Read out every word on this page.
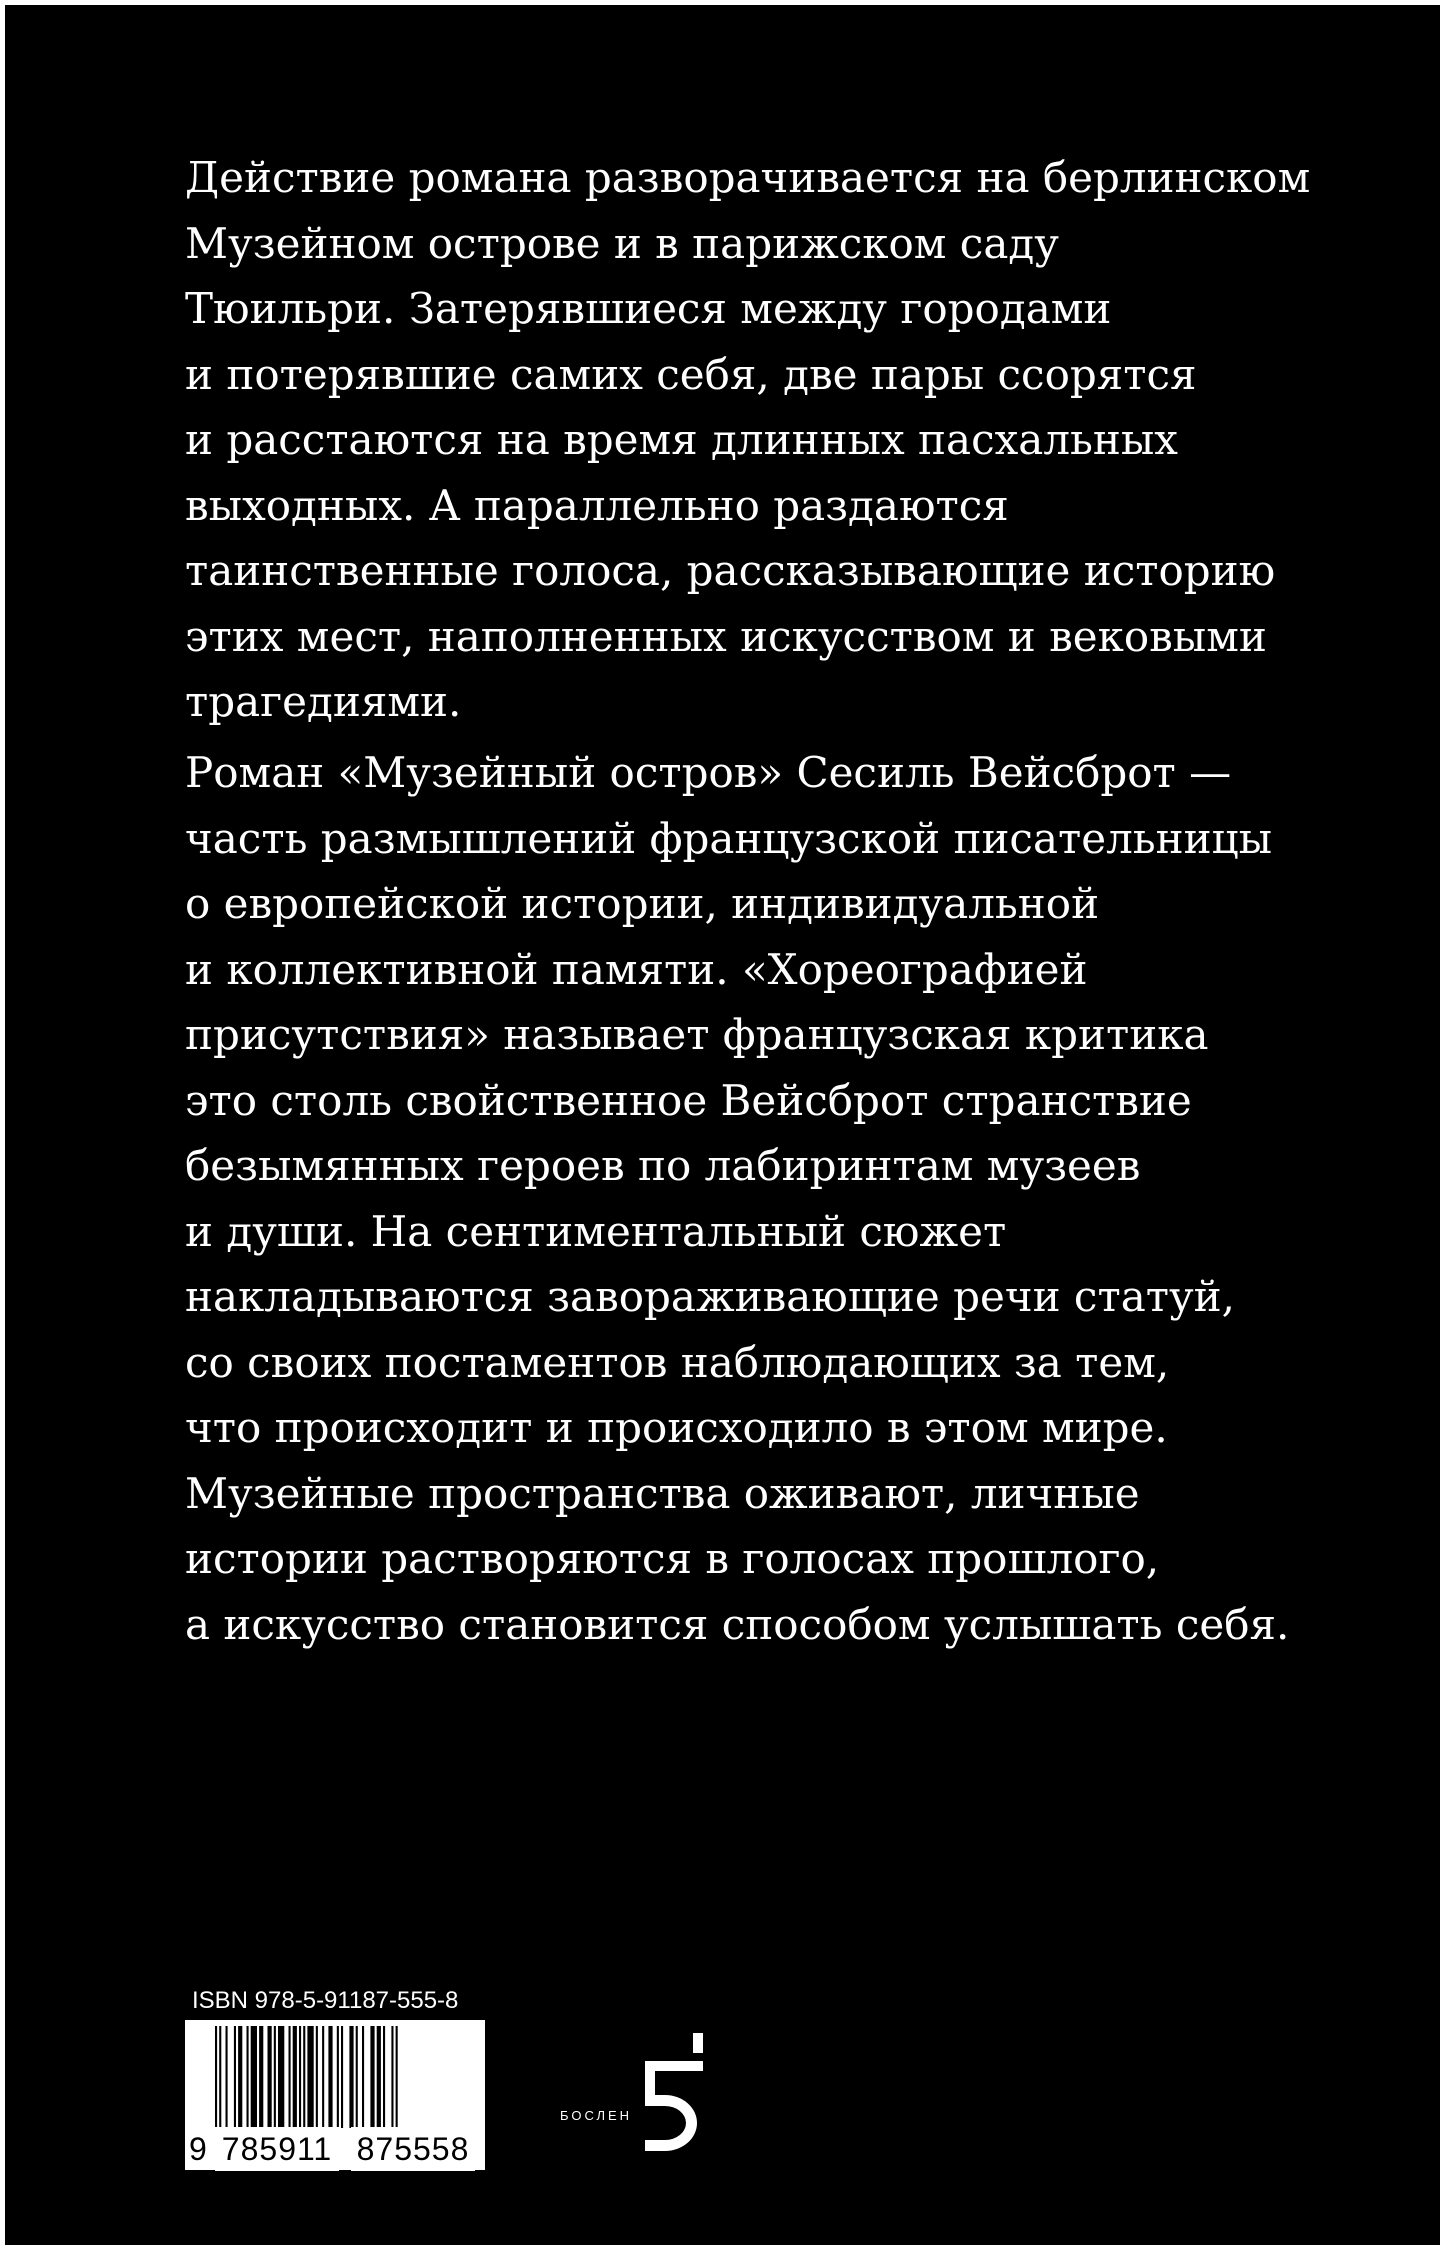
Действие романа разворачивается на берлинском
Музейном острове и в парижском саду
Тюильри. Затерявшиеся между городами
и потерявшие самих себя, две пары ссорятся
и расстаются на время длинных пасхальных
выходных. А параллельно раздаются
таинственные голоса, рассказывающие историю
этих мест, наполненных искусством и вековыми
трагедиями.
Роман «Музейный остров» Сесиль Вейсброт —
часть размышлений французской писательницы
о европейской истории, индивидуальной
и коллективной памяти. «Хореографией
присутствия» называет французская критика
это столь свойственное Вейсброт странствие
безымянных героев по лабиринтам музеев
и души. На сентиментальный сюжет
накладываются завораживающие речи статуй,
со своих постаментов наблюдающих за тем,
что происходит и происходило в этом мире.
Музейные пространства оживают, личные
истории растворяются в голосах прошлого,
а искусство становится способом услышать себя.
ISBN 978-5-91187-555-8
9 785911 875558
БОСЛЕН
